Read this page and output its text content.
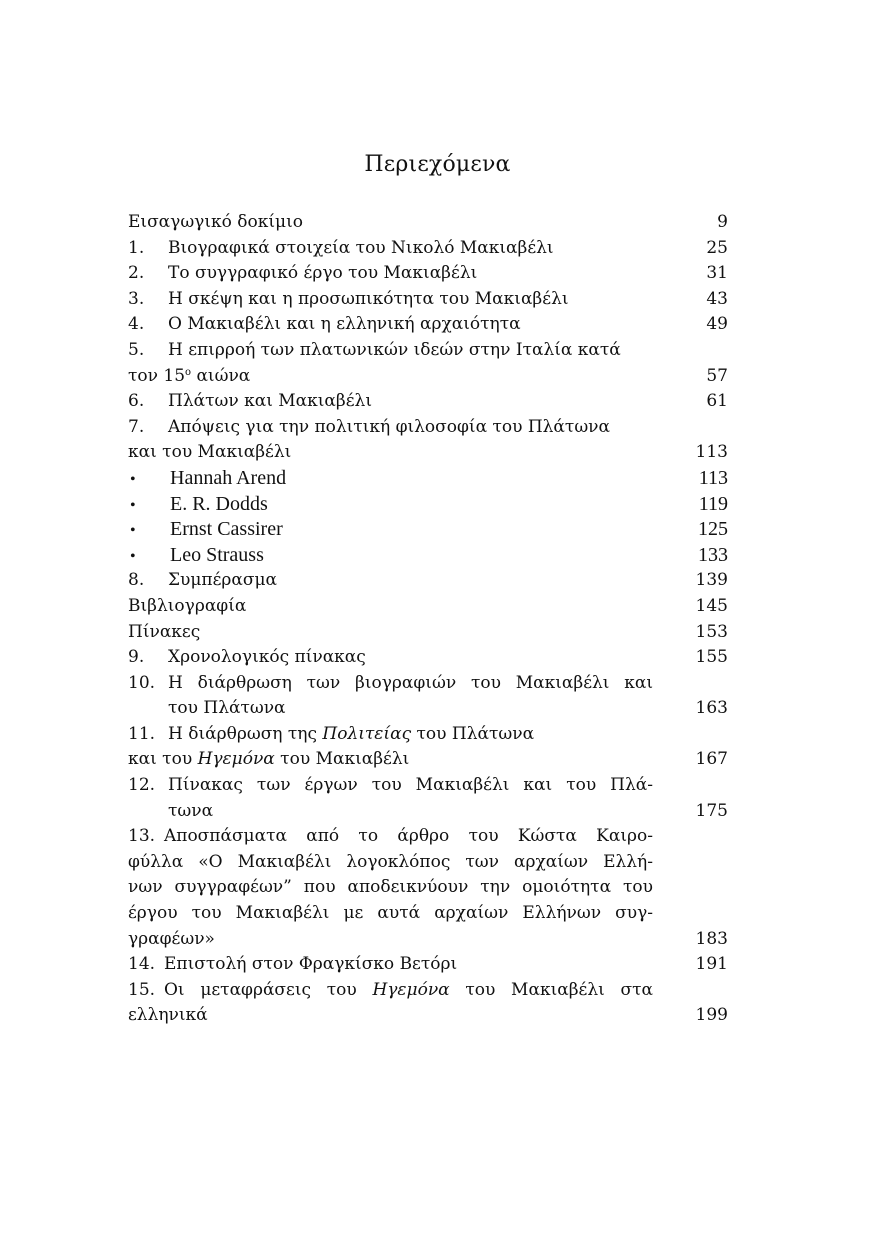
Περιεχόμενα
Εισαγωγικό δοκίμιο	9
1. Βιογραφικά στοιχεία του Νικολό Μακιαβέλι	25
2. Το συγγραφικό έργο του Μακιαβέλι	31
3. Η σκέψη και η προσωπικότητα του Μακιαβέλι	43
4. Ο Μακιαβέλι και η ελληνική αρχαιότητα	49
5. Η επιρροή των πλατωνικών ιδεών στην Ιταλία κατά
τον $15^o$ αιώνα	57
6. Πλάτων και Μακιαβέλι	61
7. Απόψεις για την πολιτική φιλοσοφία του Πλάτωνα
και του Μακιαβέλι	113
• Hannah Arend	113
• E. R. Dodds	119
• Ernst Cassirer	125
• Leo Strauss	133
8. Συμπέρασμα	139
Βιβλιογραφία	145
Πίνακες	153
9. Χρονολογικός πίνακας	155
10. Η διάρθρωση των βιογραφιών του Μακιαβέλι και
του Πλάτωνα	163
11. Η διάρθρωση της Πολιτείας του Πλάτωνα
και του Ηγεμόνα του Μακιαβέλι	167
12. Πίνακας των έργων του Μακιαβέλι και του Πλά-
τωνα	175
13. Αποσπάσματα από το άρθρο του Κώστα Καιρο-
φύλλα «Ο Μακιαβέλι λογοκλόπος των αρχαίων Ελλή-
νων συγγραφέων” που αποδεικνύουν την ομοιότητα του
έργου του Μακιαβέλι με αυτά αρχαίων Ελλήνων συγ-
γραφέων»	183
14. Επιστολή στον Φραγκίσκο Βετόρι	191
15. Οι μεταφράσεις του Ηγεμόνα του Μακιαβέλι στα
ελληνικά	199
